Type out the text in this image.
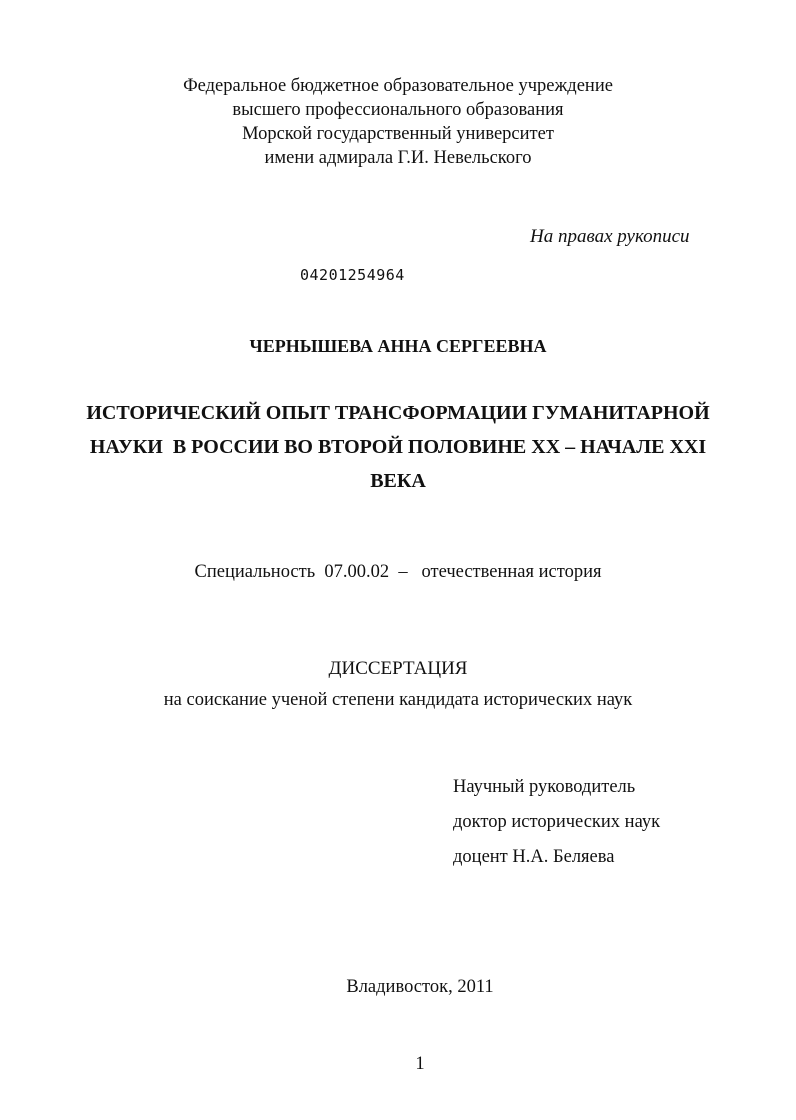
Федеральное бюджетное образовательное учреждение
высшего профессионального образования
Морской государственный университет
имени адмирала Г.И. Невельского
На правах рукописи
04201254964
ЧЕРНЫШЕВА АННА СЕРГЕЕВНА
ИСТОРИЧЕСКИЙ ОПЫТ ТРАНСФОРМАЦИИ ГУМАНИТАРНОЙ
НАУКИ  В РОССИИ ВО ВТОРОЙ ПОЛОВИНЕ XX – НАЧАЛЕ XXI
ВЕКА
Специальность  07.00.02  –   отечественная история
ДИССЕРТАЦИЯ
на соискание ученой степени кандидата исторических наук
Научный руководитель
доктор исторических наук
доцент Н.А. Беляева
Владивосток, 2011
1
